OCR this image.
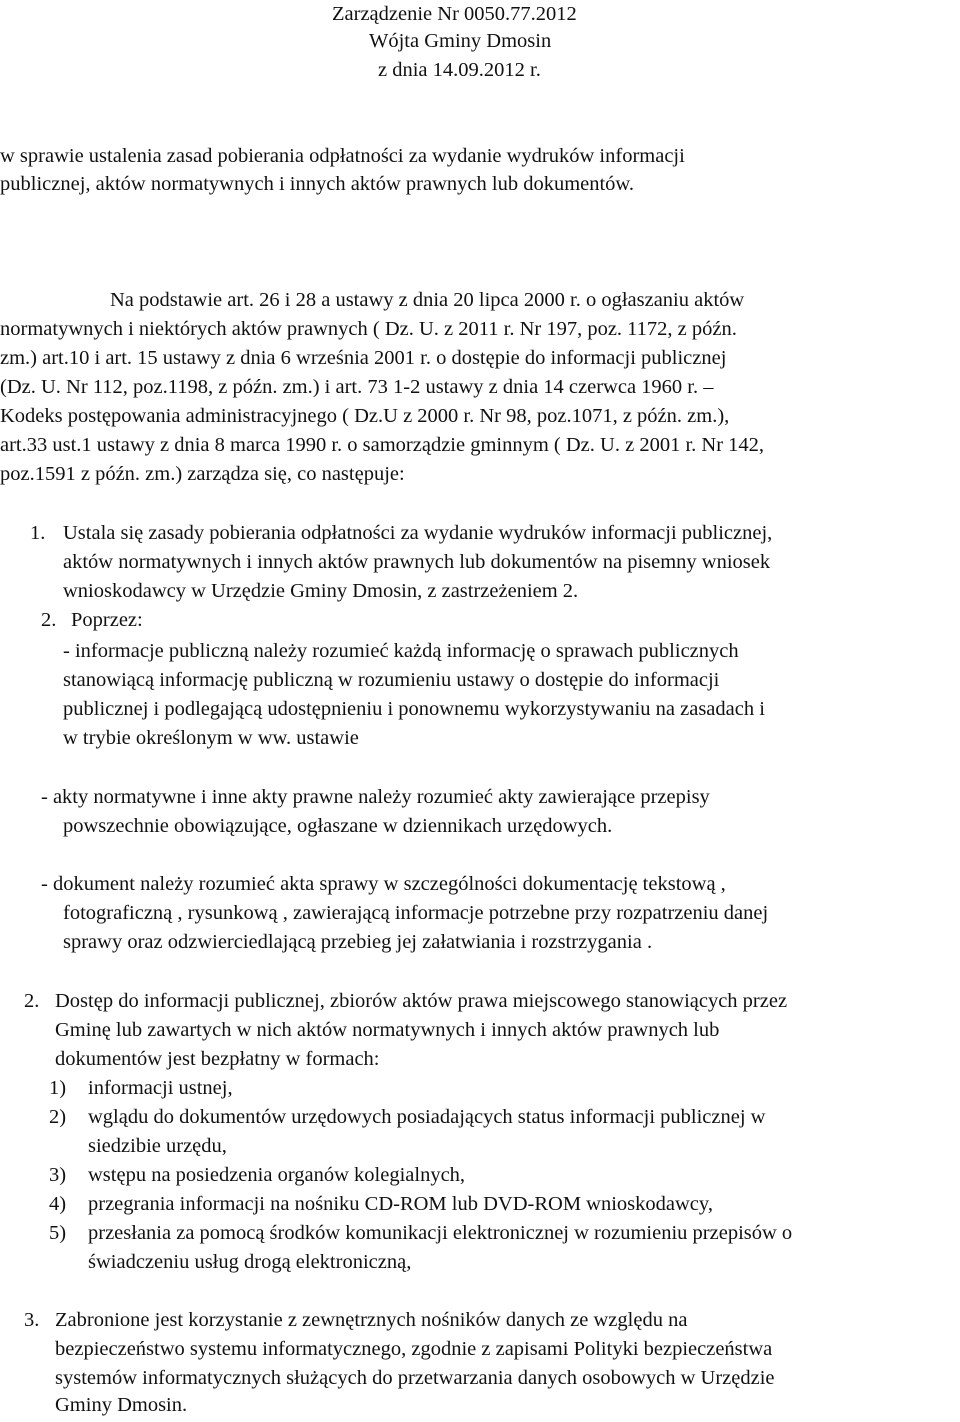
Zarządzenie Nr 0050.77.2012

Wójta Gminy Dmosin

z dnia 14.09.2012 r.

w sprawie ustalenia zasad pobierania odpłatności za wydanie wydruków informacji

publicznej, aktów normatywnych i innych aktów prawnych lub dokumentów.

Na podstawie art. 26 i 28 a ustawy z dnia 20 lipca 2000 r. o ogłaszaniu aktów

normatywnych i niektórych aktów prawnych ( Dz. U. z 2011 r. Nr 197, poz. 1172, z późn.

zm.) art.10 i art. 15 ustawy z dnia 6 września 2001 r. o dostępie do informacji publicznej

(Dz. U. Nr 112, poz.1198, z późn. zm.) i art. 73 1-2 ustawy z dnia 14 czerwca 1960 r. –

Kodeks postępowania administracyjnego ( Dz.U z 2000 r. Nr 98, poz.1071, z późn. zm.),

art.33 ust.1 ustawy z dnia 8 marca 1990 r. o samorządzie gminnym ( Dz. U. z 2001 r. Nr 142,

poz.1591 z późn. zm.) zarządza się, co następuje:

1. Ustala się zasady pobierania odpłatności za wydanie wydruków informacji publicznej,

aktów normatywnych i innych aktów prawnych lub dokumentów na pisemny wniosek

wnioskodawcy w Urzędzie Gminy Dmosin, z zastrzeżeniem 2.

2. Poprzez:

- informacje publiczną należy rozumieć każdą informację o sprawach publicznych

stanowiącą informację publiczną w rozumieniu ustawy o dostępie do informacji

publicznej i podlegającą udostępnieniu i ponownemu wykorzystywaniu na zasadach i

w trybie określonym w ww. ustawie

- akty normatywne i inne akty prawne należy rozumieć akty zawierające przepisy

powszechnie obowiązujące, ogłaszane w dziennikach urzędowych.

- dokument należy rozumieć akta sprawy w szczególności dokumentację tekstową ,

fotograficzną , rysunkową , zawierającą informacje potrzebne przy rozpatrzeniu danej

sprawy oraz odzwierciedlającą przebieg jej załatwiania i rozstrzygania .

2. Dostęp do informacji publicznej, zbiorów aktów prawa miejscowego stanowiących przez

Gminę lub zawartych w nich aktów normatywnych i innych aktów prawnych lub

dokumentów jest bezpłatny w formach:

1) informacji ustnej,

2) wglądu do dokumentów urzędowych posiadających status informacji publicznej w

siedzibie urzędu,

3) wstępu na posiedzenia organów kolegialnych,

4) przegrania informacji na nośniku CD-ROM lub DVD-ROM wnioskodawcy,

5) przesłania za pomocą środków komunikacji elektronicznej w rozumieniu przepisów o

świadczeniu usług drogą elektroniczną,

3. Zabronione jest korzystanie z zewnętrznych nośników danych ze względu na

bezpieczeństwo systemu informatycznego, zgodnie z zapisami Polityki bezpieczeństwa

systemów informatycznych służących do przetwarzania danych osobowych w Urzędzie

Gminy Dmosin.
